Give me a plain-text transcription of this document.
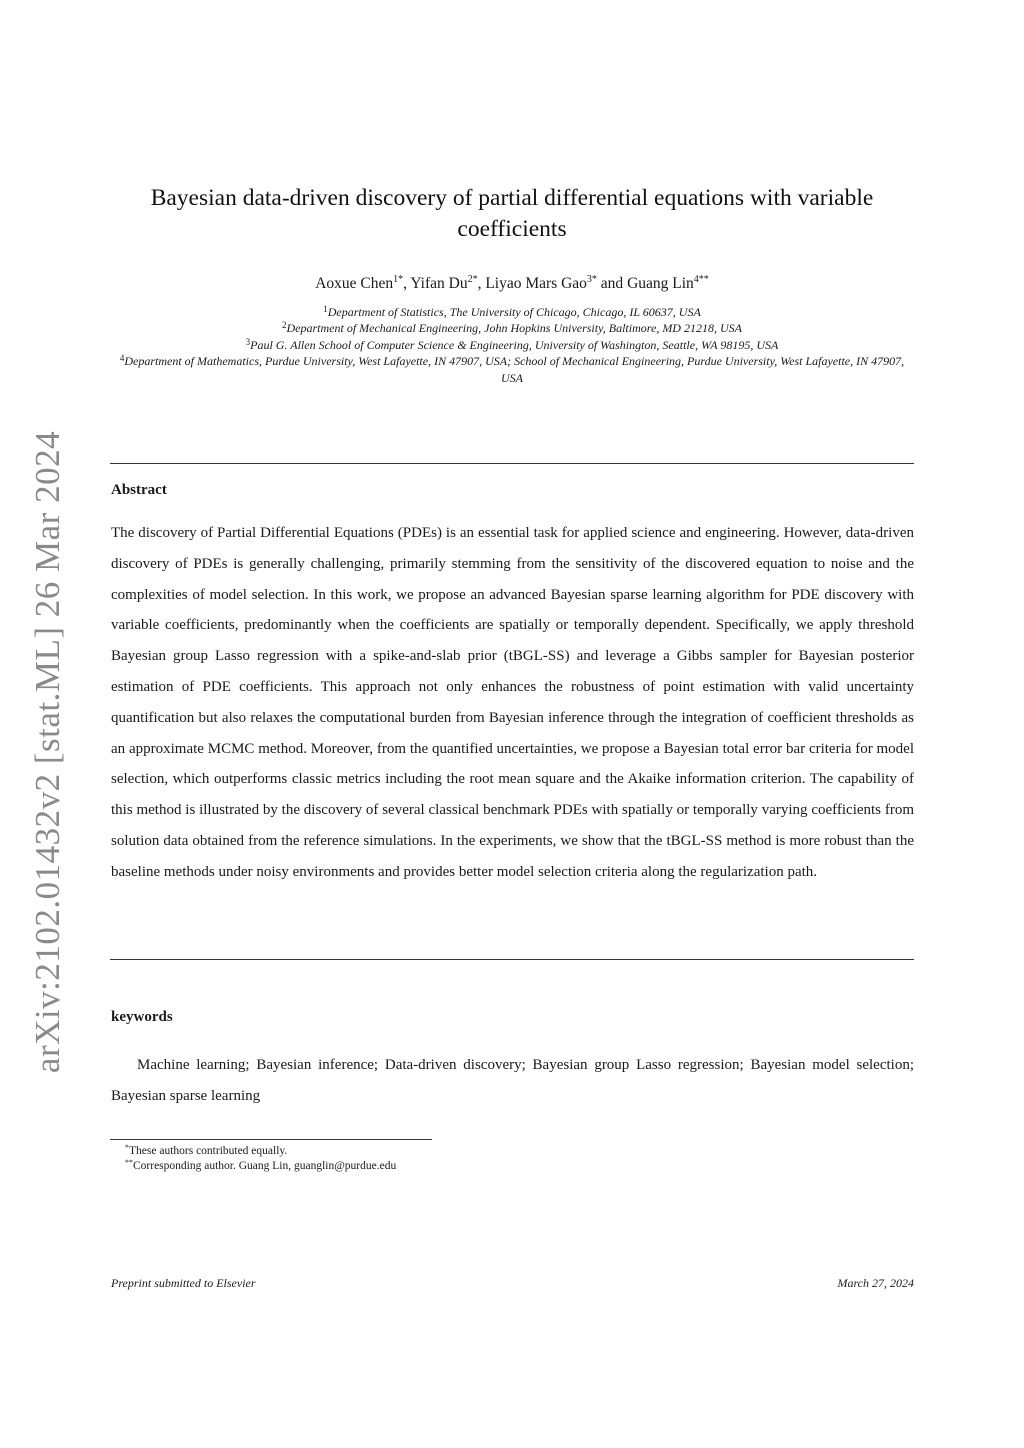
arXiv:2102.01432v2 [stat.ML] 26 Mar 2024
Bayesian data-driven discovery of partial differential equations with variable coefficients
Aoxue Chen$^{1*}$, Yifan $Du^{2*}$, Liyao Mars Gao$^{3*}$ and Guang Lin$^{4**}$
$^1$Department of Statistics, The University of Chicago, Chicago, IL 60637, USA
$^2$Department of Mechanical Engineering, John Hopkins University, Baltimore, MD 21218, USA
$^3$Paul G. Allen School of Computer Science & Engineering, University of Washington, Seattle, WA 98195, USA
$^4$Department of Mathematics, Purdue University, West Lafayette, IN 47907, USA; School of Mechanical Engineering, Purdue University, West Lafayette, IN 47907, USA
Abstract

The discovery of Partial Differential Equations (PDEs) is an essential task for applied science and engineering. However, data-driven discovery of PDEs is generally challenging, primarily stemming from the sensitivity of the discovered equation to noise and the complexities of model selection. In this work, we propose an advanced Bayesian sparse learning algorithm for PDE discovery with variable coefficients, predominantly when the coefficients are spatially or temporally dependent. Specifically, we apply threshold Bayesian group Lasso regression with a spike-and-slab prior (tBGL-SS) and leverage a Gibbs sampler for Bayesian posterior estimation of PDE coefficients. This approach not only enhances the robustness of point estimation with valid uncertainty quantification but also relaxes the computational burden from Bayesian inference through the integration of coefficient thresholds as an approximate MCMC method. Moreover, from the quantified uncertainties, we propose a Bayesian total error bar criteria for model selection, which outperforms classic metrics including the root mean square and the Akaike information criterion. The capability of this method is illustrated by the discovery of several classical benchmark PDEs with spatially or temporally varying coefficients from solution data obtained from the reference simulations. In the experiments, we show that the tBGL-SS method is more robust than the baseline methods under noisy environments and provides better model selection criteria along the regularization path.

keywords

Machine learning; Bayesian inference; Data-driven discovery; Bayesian group Lasso regression; Bayesian model selection; Bayesian sparse learning

*These authors contributed equally.
**Corresponding author. Guang Lin, guanglin@purdue.edu
Preprint submitted to Elsevier	March 27, 2024
